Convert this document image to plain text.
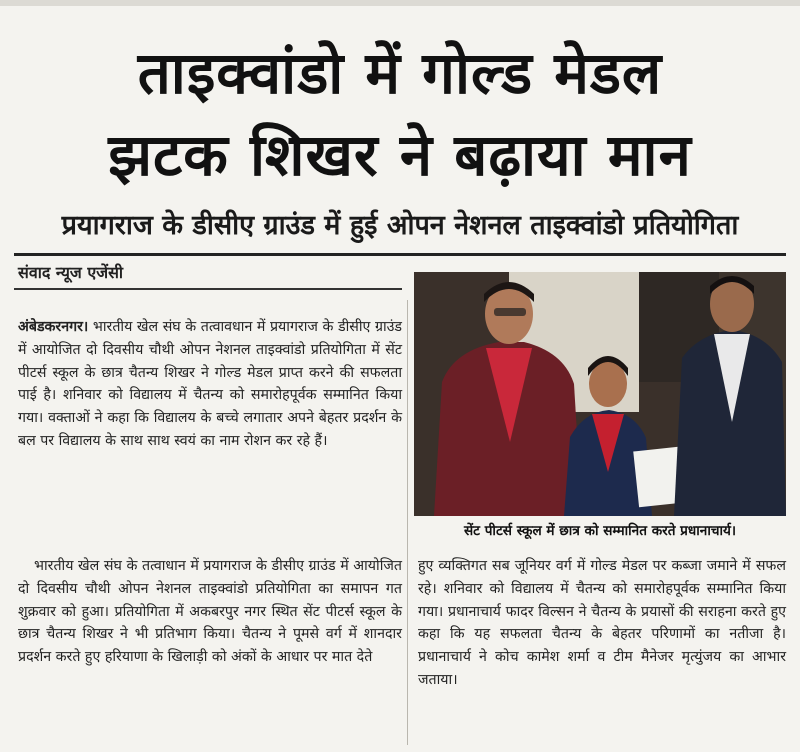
ताइक्वांडो में गोल्ड मेडल
झटक शिखर ने बढ़ाया मान
प्रयागराज के डीसीए ग्राउंड में हुई ओपन नेशनल ताइक्वांडो प्रतियोगिता
संवाद न्यूज एजेंसी

अंबेडकरनगर। भारतीय खेल संघ के तत्वावधान में प्रयागराज के डीसीए ग्राउंड में आयोजित दो दिवसीय चौथी ओपन नेशनल ताइक्वांडो प्रतियोगिता में सेंट पीटर्स स्कूल के छात्र चैतन्य शिखर ने गोल्ड मेडल प्राप्त करने की सफलता पाई है। शनिवार को विद्यालय में चैतन्य को समारोहपूर्वक सम्मानित किया गया। वक्ताओं ने कहा कि विद्यालय के बच्चे लगातार अपने बेहतर प्रदर्शन के बल पर विद्यालय के साथ साथ स्वयं का नाम रोशन कर रहे हैं।

भारतीय खेल संघ के तत्वाधान में प्रयागराज के डीसीए ग्राउंड में आयोजित दो दिवसीय चौथी ओपन नेशनल ताइक्वांडो प्रतियोगिता का समापन गत शुक्रवार को हुआ। प्रतियोगिता में अकबरपुर नगर स्थित सेंट पीटर्स स्कूल के छात्र चैतन्य शिखर ने भी प्रतिभाग किया। चैतन्य ने पूमसे वर्ग में शानदार प्रदर्शन करते हुए हरियाणा के खिलाड़ी को अंकों के आधार पर मात देते

सेंट पीटर्स स्कूल में छात्र को सम्मानित करते प्रधानाचार्य।

हुए व्यक्तिगत सब जूनियर वर्ग में गोल्ड मेडल पर कब्जा जमाने में सफल रहे। शनिवार को विद्यालय में चैतन्य को समारोहपूर्वक सम्मानित किया गया। प्रधानाचार्य फादर विल्सन ने चैतन्य के प्रयासों की सराहना करते हुए कहा कि यह सफलता चैतन्य के बेहतर परिणामों का नतीजा है। प्रधानाचार्य ने कोच कामेश शर्मा व टीम मैनेजर मृत्युंजय का आभार जताया।
